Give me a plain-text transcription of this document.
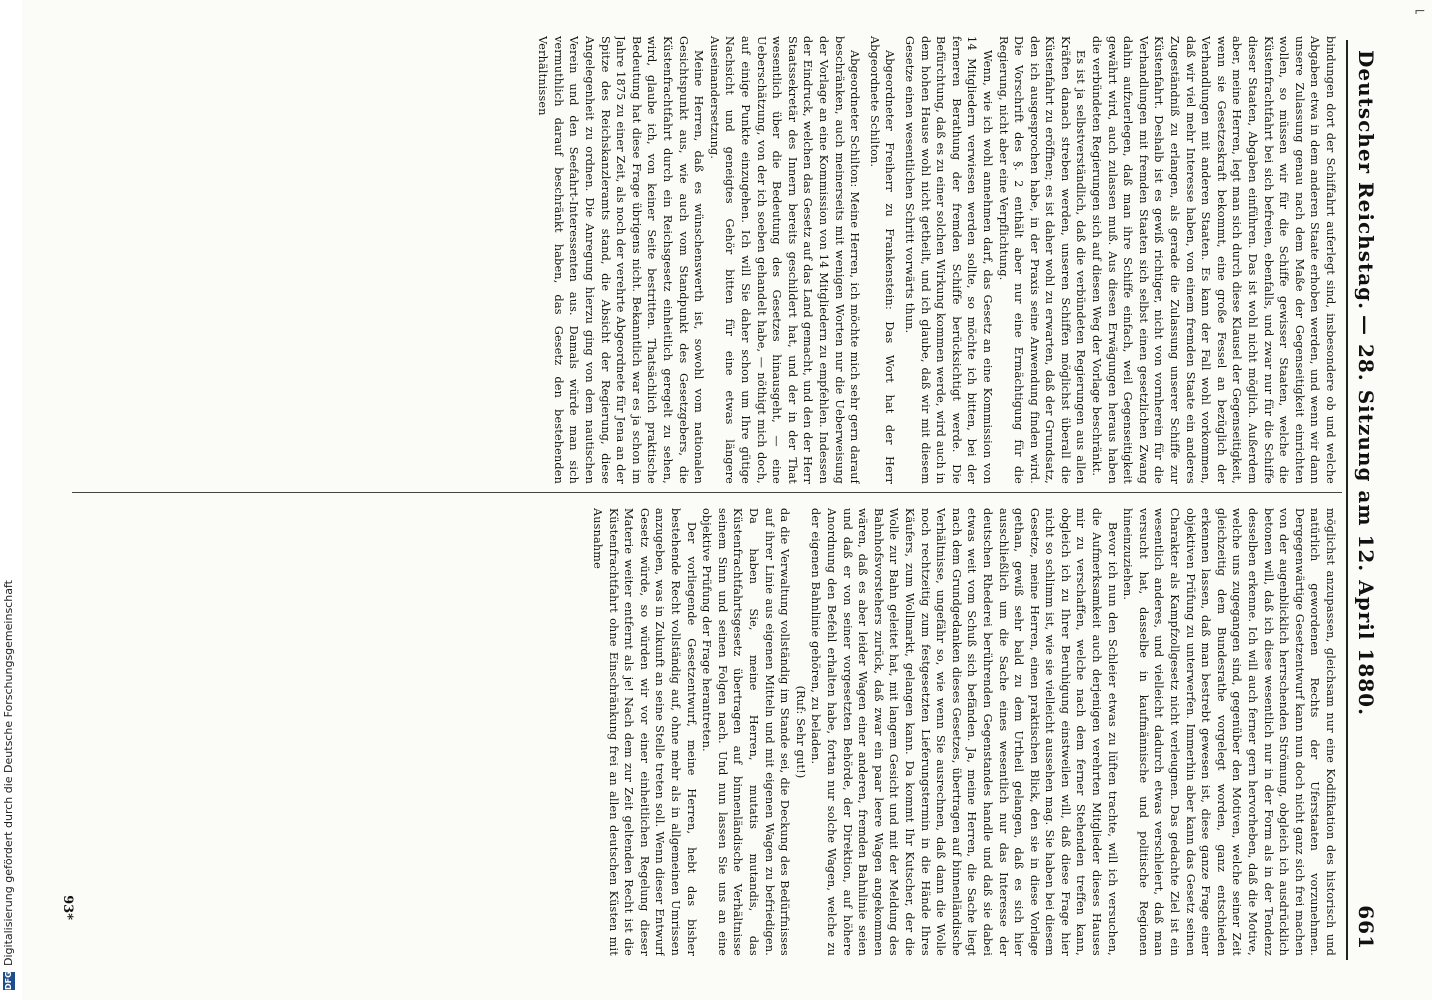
Deutscher Reichstag.
— 28. Sitzung am 12. April 1880.
661

bindungen dort der Schiffahrt auferlegt sind, insbesondere ob und welche Abgaben etwa in dem anderen Staate erhoben werden, und wenn wir dann unsere Zulassung genau nach dem Maße der Gegenseitigkeit einrichten wollen, so müssen wir für die Schiffe gewisser Staaten, welche die Küstenfrachtfahrt bei sich befreien, ebenfalls, und zwar nur für die Schiffe dieser Staaten, Abgaben einführen. Das ist wohl nicht möglich. Außerdem aber, meine Herren, legt man sich durch diese Klausel der Gegenseitigkeit, wenn sie Gesetzeskraft bekommt, eine große Fessel an bezüglich der Verhandlungen mit anderen Staaten. Es kann der Fall wohl vorkommen, daß wir viel mehr Interesse haben, von einem fremden Staate ein anderes Zugeständniß zu erlangen, als gerade die Zulassung unserer Schiffe zur Küstenfahrt. Deshalb ist es gewiß richtiger, nicht von vornherein für die Verhandlungen mit fremden Staaten sich selbst einen gesetzlichen Zwang dahin aufzuerlegen, daß man ihre Schiffe einfach, weil Gegenseitigkeit gewährt wird, auch zulassen muß. Aus diesen Erwägungen heraus haben die verbündeten Regierungen sich auf diesen Weg der Vorlage beschränkt.

Es ist ja selbstverständlich, daß die verbündeten Regierungen aus allen Kräften danach streben werden, unseren Schiffen möglichst überall die Küstenfahrt zu eröffnen; es ist daher wohl zu erwarten, daß der Grundsatz, den ich ausgesprochen habe, in der Praxis seine Anwendung finden wird. Die Vorschrift des §. 2 enthält aber nur eine Ermächtigung für die Regierung, nicht aber eine Verpflichtung.

Wenn, wie ich wohl annehmen darf, das Gesetz an eine Kommission von 14 Mitgliedern verwiesen werden sollte, so möchte ich bitten, bei der ferneren Berathung der fremden Schiffe berücksichtigt werde. Die Befürchtung, daß es zu einer solchen Wirkung kommen werde, wird auch in dem hohen Hause wohl nicht getheilt, und ich glaube, daß wir mit diesem Gesetze einen wesentlichen Schritt vorwärts thun.

Abgeordneter Freiherr zu Frankenstein: Das Wort hat der Herr Abgeordnete Schilton.

Abgeordneter Schilton: Meine Herren, ich möchte mich sehr gern darauf beschränken, auch meinerseits mit wenigen Worten nur die Ueberweisung der Vorlage an eine Kommission von 14 Mitgliedern zu empfehlen. Indessen der Eindruck, welchen das Gesetz auf das Land gemacht, und den der Herr Staatssekretär des Innern bereits geschildert hat, und der in der That wesentlich über die Bedeutung des Gesetzes hinausgeht, — eine Ueberschätzung, von der ich soeben gehandelt habe, — nöthigt mich doch, auf einige Punkte einzugehen. Ich will Sie daher schon um Ihre gütige Nachsicht und geneigtes Gehör bitten für eine etwas längere Auseinandersetzung.

Meine Herren, daß es wünschenswerth ist, sowohl vom nationalen Gesichtspunkt aus, wie auch vom Standpunkt des Gesetzgebers, die Küstenfrachtfahrt durch ein Reichsgesetz einheitlich geregelt zu sehen, wird, glaube ich, von keiner Seite bestritten. Thatsächlich praktische Bedeutung hat diese Frage übrigens nicht. Bekanntlich war es ja schon im Jahre 1875 zu einer Zeit, als noch der verehrte Abgeordnete für Jena an der Spitze des Reichskanzleramts stand, die Absicht der Regierung, diese Angelegenheit zu ordnen. Die Anregung hierzu ging von dem nautischen Verein und den Seefahrt-Interessenten aus. Damals würde man sich vermuthlich darauf beschränkt haben, das Gesetz den bestehenden Verhältnissen

möglichst anzupassen, gleichsam nur eine Kodifikation des historisch und natürlich gewordenen Rechts der Uferstaaten vorzunehmen. Dergegenwärtige Gesetzentwurf kann nun doch nicht ganz sich frei machen von der augenblicklich herrschenden Strömung, obgleich ich ausdrücklich betonen will, daß ich diese wesentlich nur in der Form als in der Tendenz desselben erkenne. Ich will auch ferner gern hervorheben, daß die Motive, welche uns zugegangen sind, gegenüber den Motiven, welche seiner Zeit gleichzeitig dem Bundesrathe vorgelegt worden, ganz entschieden erkennen lassen, daß man bestrebt gewesen ist, diese ganze Frage einer objektiven Prüfung zu unterwerfen. Immerhin aber kann das Gesetz seinen Charakter als Kampfzollgesetz nicht verleugnen. Das gedachte Ziel ist ein wesentlich anderes, und vielleicht dadurch etwas verschleiert, daß man versucht hat, dasselbe in kaufmännische und politische Regionen hineinzuziehen.

Bevor ich nun den Schleier etwas zu lüften trachte, will ich versuchen, die Aufmerksamkeit auch derjenigen verehrten Mitglieder dieses Hauses mir zu verschaffen, welche nach dem ferner Stehenden treffen kann, obgleich ich zu Ihrer Beruhigung einstweilen will, daß diese Frage hier nicht so schlimm ist, wie sie vielleicht aussehen mag. Sie haben bei diesem Gesetze, meine Herren, einen praktischen Blick, den sie in diese Vorlage gethan, gewiß sehr bald zu dem Urtheil gelangen, daß es sich hier ausschließlich um die Sache eines wesentlich nur das Interesse der deutschen Rhederei berührenden Gegenstandes handle und daß sie dabei etwas weit vom Schuß sich befänden. Ja, meine Herren, die Sache liegt nach dem Grundgedanken dieses Gesetzes, übertragen auf binnenländische Verhältnisse, ungefähr so, wie wenn Sie ausrechnen, daß dann die Wolle noch rechtzeitig zum festgesetzten Lieferungstermin in die Hände Ihres Käufers, zum Wollmarkt, gelangen kann. Da kommt Ihr Kutscher, der die Wolle zur Bahn geleitet hat, mit langem Gesicht und mit der Meldung des Bahnhofsvorstehers zurück, daß zwar ein paar leere Wagen angekommen wären, daß es aber leider Wagen einer anderen, fremden Bahnlinie seien und daß er von seiner vorgesetzten Behörde, der Direktion, auf höhere Anordnung den Befehl erhalten habe, fortan nur solche Wagen, welche zu der eigenen Bahnlinie gehören, zu beladen.

(Ruf: Sehr gut!)

da die Verwaltung vollständig im Stande sei, die Deckung des Bedürfnisses auf ihrer Linie aus eigenen Mitteln und mit eigenen Wagen zu befriedigen. Da haben Sie, meine Herren, mutatis mutandis, das Küstenfrachtfahrtsgesetz übertragen auf binnenländische Verhältnisse seinem Sinn und seinen Folgen nach. Und nun lassen Sie uns an eine objektive Prüfung der Frage herantreten.

Der vorliegende Gesetzentwurf, meine Herren, hebt das bisher bestehende Recht vollständig auf, ohne mehr als in allgemeinen Umrissen anzugeben, was in Zukunft an seine Stelle treten soll. Wenn dieser Entwurf Gesetz würde, so würden wir vor einer einheitlichen Regelung dieser Materie weiter entfernt als je! Nach dem zur Zeit geltenden Recht ist die Küstenfrachtfahrt ohne Einschränkung frei an allen deutschen Küsten mit Ausnahme

93*
⌐
DFGDigitalisierung gefördert durch die Deutsche Forschungsgemeinschaft
